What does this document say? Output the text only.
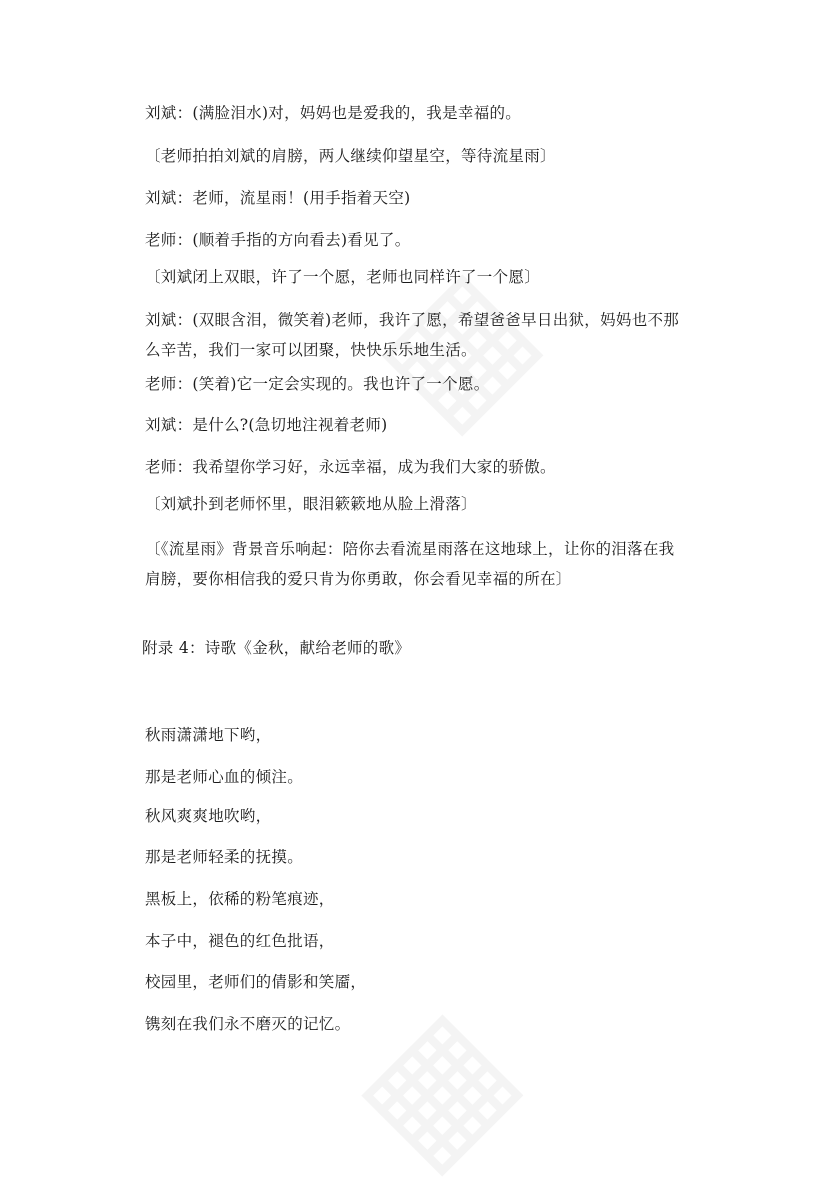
刘斌：(满脸泪水)对，妈妈也是爱我的，我是幸福的。
〔老师拍拍刘斌的肩膀，两人继续仰望星空，等待流星雨〕
刘斌：老师，流星雨！(用手指着天空)
老师：(顺着手指的方向看去)看见了。
〔刘斌闭上双眼，许了一个愿，老师也同样许了一个愿〕
刘斌：(双眼含泪，微笑着)老师，我许了愿，希望爸爸早日出狱，妈妈也不那么辛苦，我们一家可以团聚，快快乐乐地生活。
老师：(笑着)它一定会实现的。我也许了一个愿。
刘斌：是什么?(急切地注视着老师)
老师：我希望你学习好，永远幸福，成为我们大家的骄傲。
〔刘斌扑到老师怀里，眼泪簌簌地从脸上滑落〕
〔《流星雨》背景音乐响起：陪你去看流星雨落在这地球上，让你的泪落在我肩膀，要你相信我的爱只肯为你勇敢，你会看见幸福的所在〕
附录 4：诗歌《金秋，献给老师的歌》
秋雨潇潇地下哟，
那是老师心血的倾注。
秋风爽爽地吹哟，
那是老师轻柔的抚摸。
黑板上，依稀的粉笔痕迹，
本子中，褪色的红色批语，
校园里，老师们的倩影和笑靥，
镌刻在我们永不磨灭的记忆。
